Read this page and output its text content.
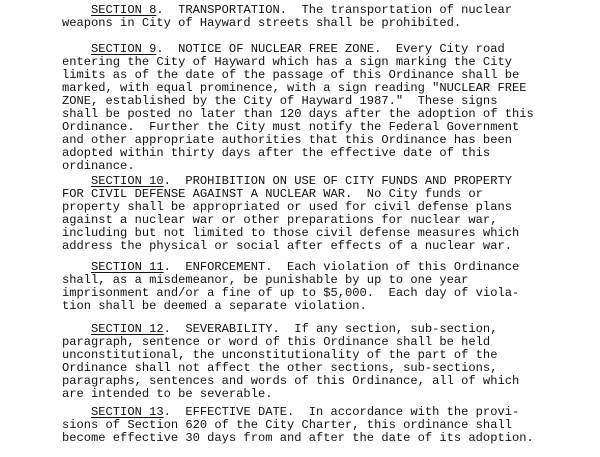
SECTION 8.  TRANSPORTATION.  The transportation of nuclear
weapons in City of Hayward streets shall be prohibited.
SECTION 9.  NOTICE OF NUCLEAR FREE ZONE.  Every City road
entering the City of Hayward which has a sign marking the City
limits as of the date of the passage of this Ordinance shall be
marked, with equal prominence, with a sign reading "NUCLEAR FREE
ZONE, established by the City of Hayward 1987."  These signs
shall be posted no later than 120 days after the adoption of this
Ordinance.  Further the City must notify the Federal Government
and other appropriate authorities that this Ordinance has been
adopted within thirty days after the effective date of this
ordinance.
SECTION 10.  PROHIBITION ON USE OF CITY FUNDS AND PROPERTY
FOR CIVIL DEFENSE AGAINST A NUCLEAR WAR.  No City funds or
property shall be appropriated or used for civil defense plans
against a nuclear war or other preparations for nuclear war,
including but not limited to those civil defense measures which
address the physical or social after effects of a nuclear war.
SECTION 11.  ENFORCEMENT.  Each violation of this Ordinance
shall, as a misdemeanor, be punishable by up to one year
imprisonment and/or a fine of up to $5,000.  Each day of viola-
tion shall be deemed a separate violation.
SECTION 12.  SEVERABILITY.  If any section, sub-section,
paragraph, sentence or word of this Ordinance shall be held
unconstitutional, the unconstitutionality of the part of the
Ordinance shall not affect the other sections, sub-sections,
paragraphs, sentences and words of this Ordinance, all of which
are intended to be severable.
SECTION 13.  EFFECTIVE DATE.  In accordance with the provi-
sions of Section 620 of the City Charter, this ordinance shall
become effective 30 days from and after the date of its adoption.
